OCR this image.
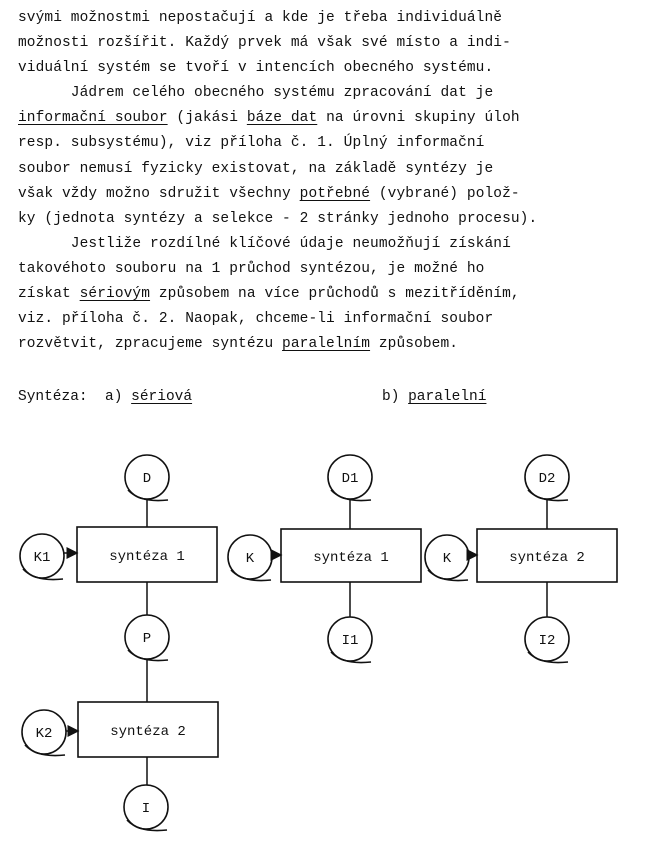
svými možnostmi nepostačují a kde je třeba individuálně
možnosti rozšířit. Každý prvek má však své místo a indi-
viduální systém se tvoří v intencích obecného systému.
Jádrem celého obecného systému zpracování dat je
informační soubor (jakási báze dat na úrovni skupiny úloh
resp. subsystému), viz příloha č. 1. Úplný informační
soubor nemusí fyzicky existovat, na základě syntézy je
však vždy možno sdružit všechny potřebné (vybrané) polož-
ky (jednota syntézy a selekce - 2 stránky jednoho procesu).
Jestliže rozdílné klíčové údaje neumožňují získání
takovéhoto souboru na 1 průchod syntézou, je možné ho
získat sériovým způsobem na více průchodů s mezitříděním,
viz. příloha č. 2. Naopak, chceme-li informační soubor
rozvětvit, zpracujeme syntézu paralelním způsobem.
Syntéza: a) sériová	b) paralelní
D
K1	syntéza 1
P
K2	syntéza 2
I
D1
K	syntéza 1
I1
D2
K	syntéza 2
I2
